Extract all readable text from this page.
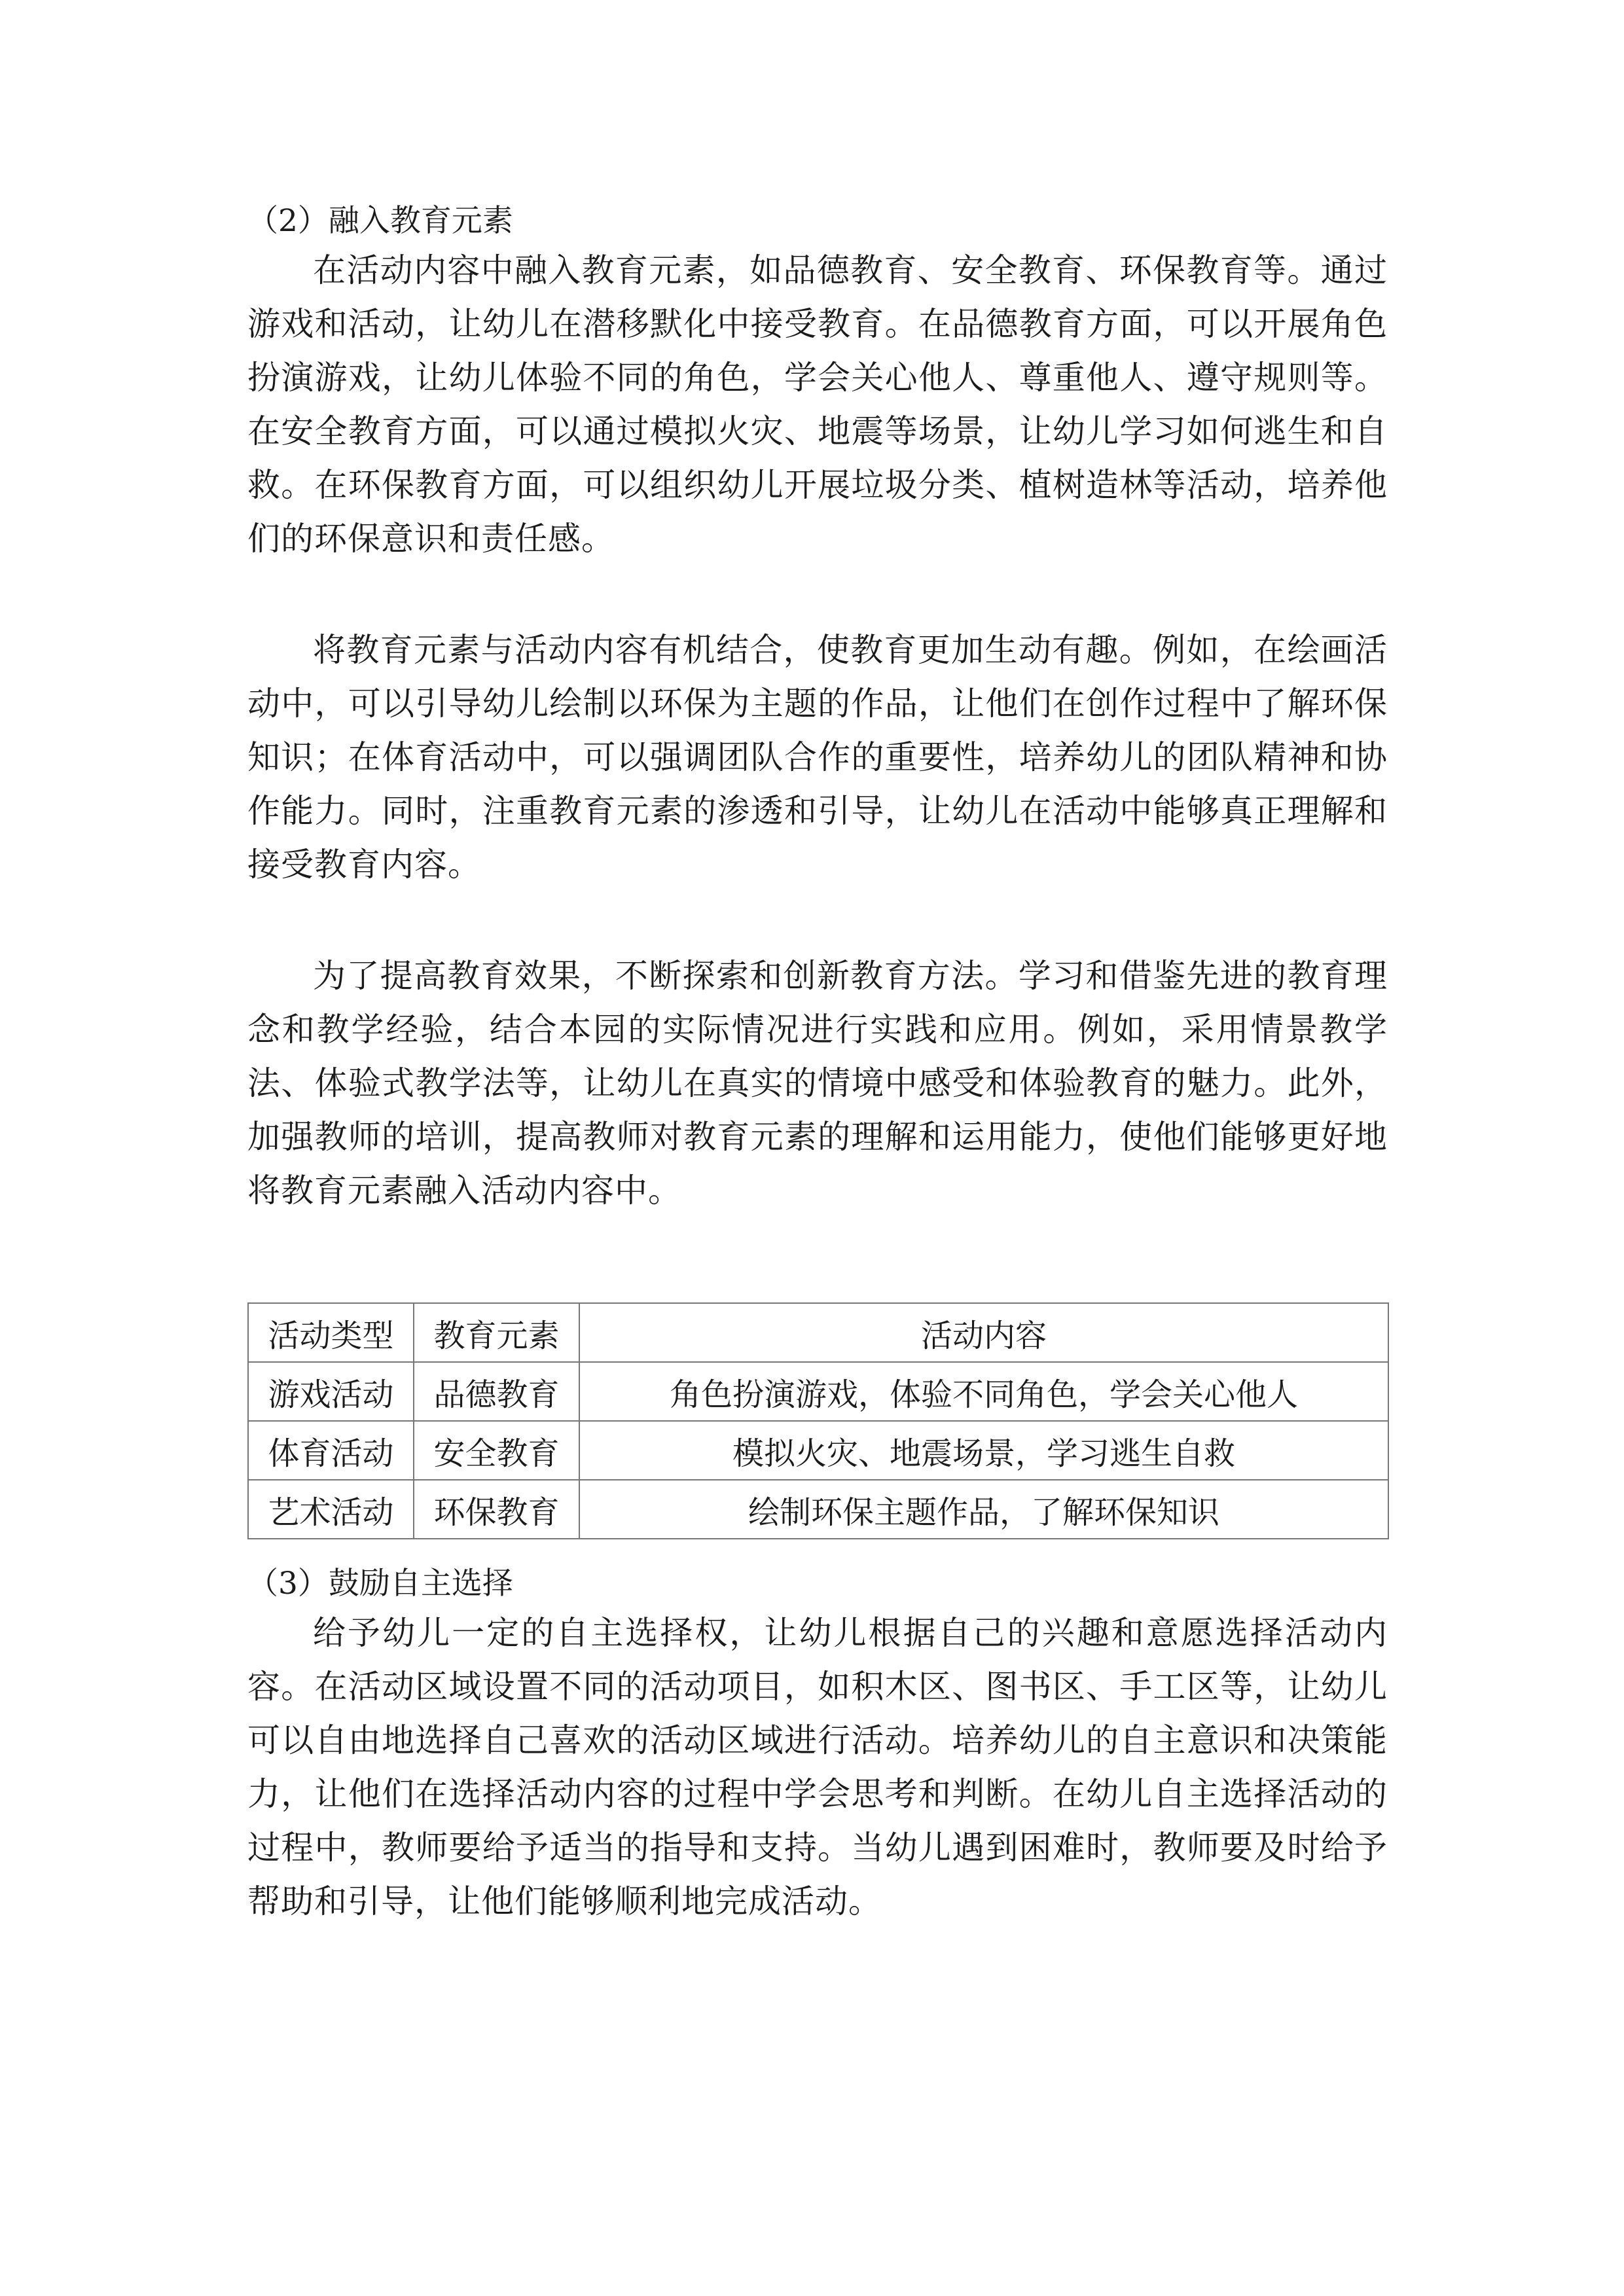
（2）融入教育元素

在活动内容中融入教育元素，如品德教育、安全教育、环保教育等。通过游戏和活动，让幼儿在潜移默化中接受教育。在品德教育方面，可以开展角色扮演游戏，让幼儿体验不同的角色，学会关心他人、尊重他人、遵守规则等。在安全教育方面，可以通过模拟火灾、地震等场景，让幼儿学习如何逃生和自救。在环保教育方面，可以组织幼儿开展垃圾分类、植树造林等活动，培养他们的环保意识和责任感。

将教育元素与活动内容有机结合，使教育更加生动有趣。例如，在绘画活动中，可以引导幼儿绘制以环保为主题的作品，让他们在创作过程中了解环保知识；在体育活动中，可以强调团队合作的重要性，培养幼儿的团队精神和协作能力。同时，注重教育元素的渗透和引导，让幼儿在活动中能够真正理解和接受教育内容。

为了提高教育效果，不断探索和创新教育方法。学习和借鉴先进的教育理念和教学经验，结合本园的实际情况进行实践和应用。例如，采用情景教学法、体验式教学法等，让幼儿在真实的情境中感受和体验教育的魅力。此外，加强教师的培训，提高教师对教育元素的理解和运用能力，使他们能够更好地将教育元素融入活动内容中。

活动类型	教育元素	活动内容
游戏活动	品德教育	角色扮演游戏，体验不同角色，学会关心他人
体育活动	安全教育	模拟火灾、地震场景，学习逃生自救
艺术活动	环保教育	绘制环保主题作品，了解环保知识
（3）鼓励自主选择

给予幼儿一定的自主选择权，让幼儿根据自己的兴趣和意愿选择活动内容。在活动区域设置不同的活动项目，如积木区、图书区、手工区等，让幼儿可以自由地选择自己喜欢的活动区域进行活动。培养幼儿的自主意识和决策能力，让他们在选择活动内容的过程中学会思考和判断。在幼儿自主选择活动的过程中，教师要给予适当的指导和支持。当幼儿遇到困难时，教师要及时给予帮助和引导，让他们能够顺利地完成活动。
